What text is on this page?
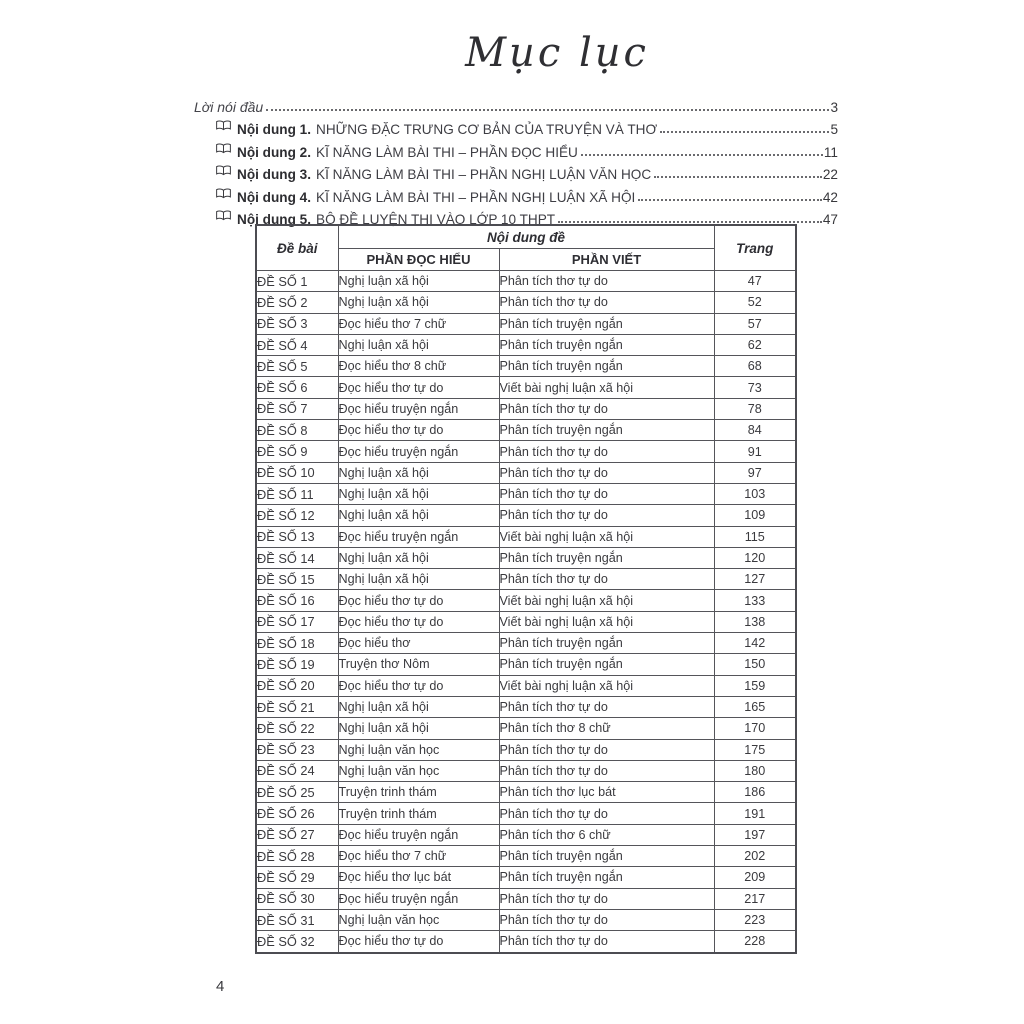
Mục lục
Lời nói đầu	3
Nội dung 1. NHỮNG ĐẶC TRƯNG CƠ BẢN CỦA TRUYỆN VÀ THƠ	5
Nội dung 2. KĨ NĂNG LÀM BÀI THI – PHẦN ĐỌC HIỂU	11
Nội dung 3. KĨ NĂNG LÀM BÀI THI – PHẦN NGHỊ LUẬN VĂN HỌC	22
Nội dung 4. KĨ NĂNG LÀM BÀI THI – PHẦN NGHỊ LUẬN XÃ HỘI	42
Nội dung 5. BỘ ĐỀ LUYỆN THI VÀO LỚP 10 THPT	47
Đề bài	Nội dung đề		Trang
	PHẦN ĐỌC HIỂU	PHẦN VIẾT	
ĐỀ SỐ 1	Nghị luận xã hội	Phân tích thơ tự do	47
ĐỀ SỐ 2	Nghị luận xã hội	Phân tích thơ tự do	52
ĐỀ SỐ 3	Đọc hiểu thơ 7 chữ	Phân tích truyện ngắn	57
ĐỀ SỐ 4	Nghị luận xã hội	Phân tích truyện ngắn	62
ĐỀ SỐ 5	Đọc hiểu thơ 8 chữ	Phân tích truyện ngắn	68
ĐỀ SỐ 6	Đọc hiểu thơ tự do	Viết bài nghị luận xã hội	73
ĐỀ SỐ 7	Đọc hiểu truyện ngắn	Phân tích thơ tự do	78
ĐỀ SỐ 8	Đọc hiểu thơ tự do	Phân tích truyện ngắn	84
ĐỀ SỐ 9	Đọc hiểu truyện ngắn	Phân tích thơ tự do	91
ĐỀ SỐ 10	Nghị luận xã hội	Phân tích thơ tự do	97
ĐỀ SỐ 11	Nghị luận xã hội	Phân tích thơ tự do	103
ĐỀ SỐ 12	Nghị luận xã hội	Phân tích thơ tự do	109
ĐỀ SỐ 13	Đọc hiểu truyện ngắn	Viết bài nghị luận xã hội	115
ĐỀ SỐ 14	Nghị luận xã hội	Phân tích truyện ngắn	120
ĐỀ SỐ 15	Nghị luận xã hội	Phân tích thơ tự do	127
ĐỀ SỐ 16	Đọc hiểu thơ tự do	Viết bài nghị luận xã hội	133
ĐỀ SỐ 17	Đọc hiểu thơ tự do	Viết bài nghị luận xã hội	138
ĐỀ SỐ 18	Đọc hiểu thơ	Phân tích truyện ngắn	142
ĐỀ SỐ 19	Truyện thơ Nôm	Phân tích truyện ngắn	150
ĐỀ SỐ 20	Đọc hiểu thơ tự do	Viết bài nghị luận xã hội	159
ĐỀ SỐ 21	Nghị luận xã hội	Phân tích thơ tự do	165
ĐỀ SỐ 22	Nghị luận xã hội	Phân tích thơ 8 chữ	170
ĐỀ SỐ 23	Nghị luận văn học	Phân tích thơ tự do	175
ĐỀ SỐ 24	Nghị luận văn học	Phân tích thơ tự do	180
ĐỀ SỐ 25	Truyện trinh thám	Phân tích thơ lục bát	186
ĐỀ SỐ 26	Truyện trinh thám	Phân tích thơ tự do	191
ĐỀ SỐ 27	Đọc hiểu truyện ngắn	Phân tích thơ 6 chữ	197
ĐỀ SỐ 28	Đọc hiểu thơ 7 chữ	Phân tích truyện ngắn	202
ĐỀ SỐ 29	Đọc hiểu thơ lục bát	Phân tích truyện ngắn	209
ĐỀ SỐ 30	Đọc hiểu truyện ngắn	Phân tích thơ tự do	217
ĐỀ SỐ 31	Nghị luận văn học	Phân tích thơ tự do	223
ĐỀ SỐ 32	Đọc hiểu thơ tự do	Phân tích thơ tự do	228
4
